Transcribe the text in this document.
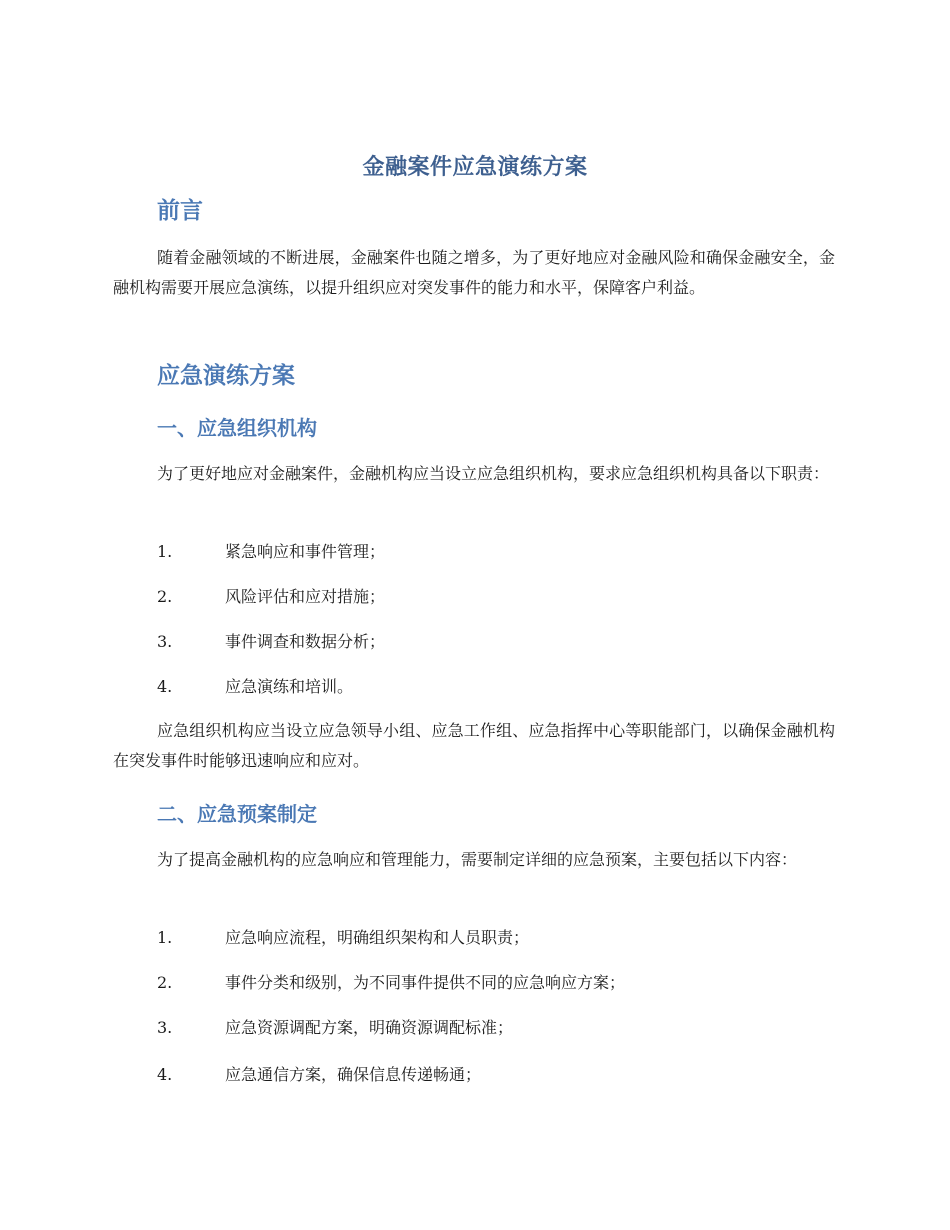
金融案件应急演练方案
前言
随着金融领域的不断进展，金融案件也随之增多，为了更好地应对金融风险和确保金融安全，金融机构需要开展应急演练，以提升组织应对突发事件的能力和水平，保障客户利益。
应急演练方案
一、应急组织机构
为了更好地应对金融案件，金融机构应当设立应急组织机构，要求应急组织机构具备以下职责：
1.	紧急响应和事件管理；
2.	风险评估和应对措施；
3.	事件调查和数据分析；
4.	应急演练和培训。
应急组织机构应当设立应急领导小组、应急工作组、应急指挥中心等职能部门，以确保金融机构在突发事件时能够迅速响应和应对。
二、应急预案制定
为了提高金融机构的应急响应和管理能力，需要制定详细的应急预案，主要包括以下内容：
1.	应急响应流程，明确组织架构和人员职责；
2.	事件分类和级别，为不同事件提供不同的应急响应方案；
3.	应急资源调配方案，明确资源调配标准；
4.	应急通信方案，确保信息传递畅通；
